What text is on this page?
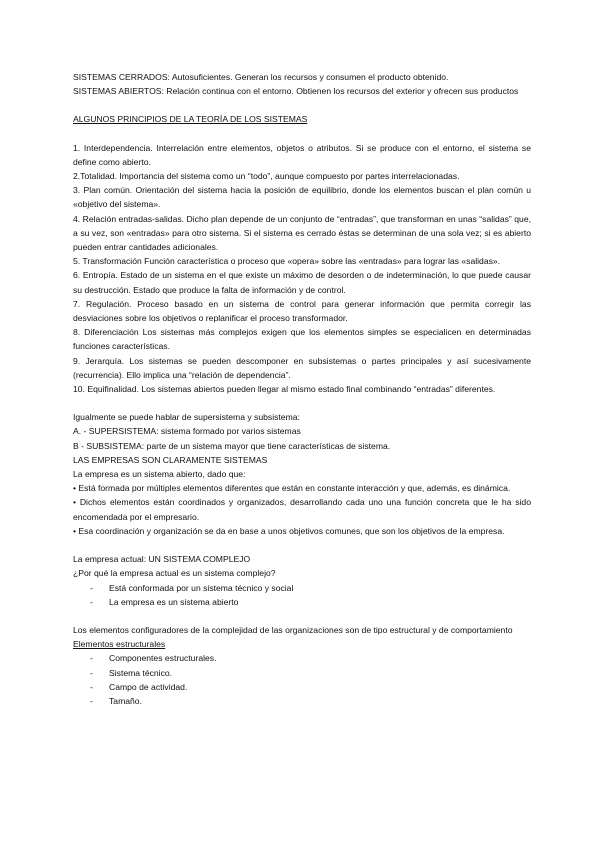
SISTEMAS CERRADOS: Autosuficientes. Generan los recursos y consumen el producto obtenido.

SISTEMAS ABIERTOS: Relación continua con el entorno. Obtienen los recursos del exterior y ofrecen sus productos

ALGUNOS PRINCIPIOS DE LA TEORÍA DE LOS SISTEMAS

1. Interdependencia. Interrelación entre elementos, objetos o atributos. Si se produce con el entorno, el sistema se define como abierto.

2.Totalidad. Importancia del sistema como un “todo”, aunque compuesto por partes interrelacionadas.

3. Plan común. Orientación del sistema hacia la posición de equilibrio, donde los elementos buscan el plan común u «objetivo del sistema».

4. Relación entradas-salidas. Dicho plan depende de un conjunto de “entradas”, que transforman en unas “salidas” que, a su vez, son «entradas» para otro sistema. Si el sistema es cerrado éstas se determinan de una sola vez; si es abierto pueden entrar cantidades adicionales.

5. Transformación Función característica o proceso que «opera» sobre las «entradas» para lograr las «salidas».

6. Entropía. Estado de un sistema en el que existe un máximo de desorden o de indeterminación, lo que puede causar su destrucción. Estado que produce la falta de información y de control.

7. Regulación. Proceso basado en un sistema de control para generar información que permita corregir las desviaciones sobre los objetivos o replanificar el proceso transformador.

8. Diferenciación Los sistemas más complejos exigen que los elementos simples se especialicen en determinadas funciones características.

9. Jerarquía. Los sistemas se pueden descomponer en subsistemas o partes principales y así sucesivamente (recurrencia). Ello implica una “relación de dependencia”.

10. Equifinalidad. Los sistemas abiertos pueden llegar al mismo estado final combinando “entradas” diferentes.

Igualmente se puede hablar de supersistema y subsistema:

A. - SUPERSISTEMA: sistema formado por varios sistemas

B - SUBSISTEMA: parte de un sistema mayor que tiene características de sistema.

LAS EMPRESAS SON CLARAMENTE SISTEMAS

La empresa es un sistema abierto, dado que:

• Está formada por múltiples elementos diferentes que están en constante interacción y que, además, es dinámica.

• Dichos elementos están coordinados y organizados, desarrollando cada uno una función concreta que le ha sido encomendada por el empresario.

• Esa coordinación y organización se da en base a unos objetivos comunes, que son los objetivos de la empresa.

La empresa actual: UN SISTEMA COMPLEJO

¿Por qué la empresa actual es un sistema complejo?

- Está conformada por un sistema técnico y social
- La empresa es un sistema abierto

Los elementos configuradores de la complejidad de las organizaciones son de tipo estructural y de comportamiento

Elementos estructurales

- Componentes estructurales.
- Sistema técnico.
- Campo de actividad.
- Tamaño.
